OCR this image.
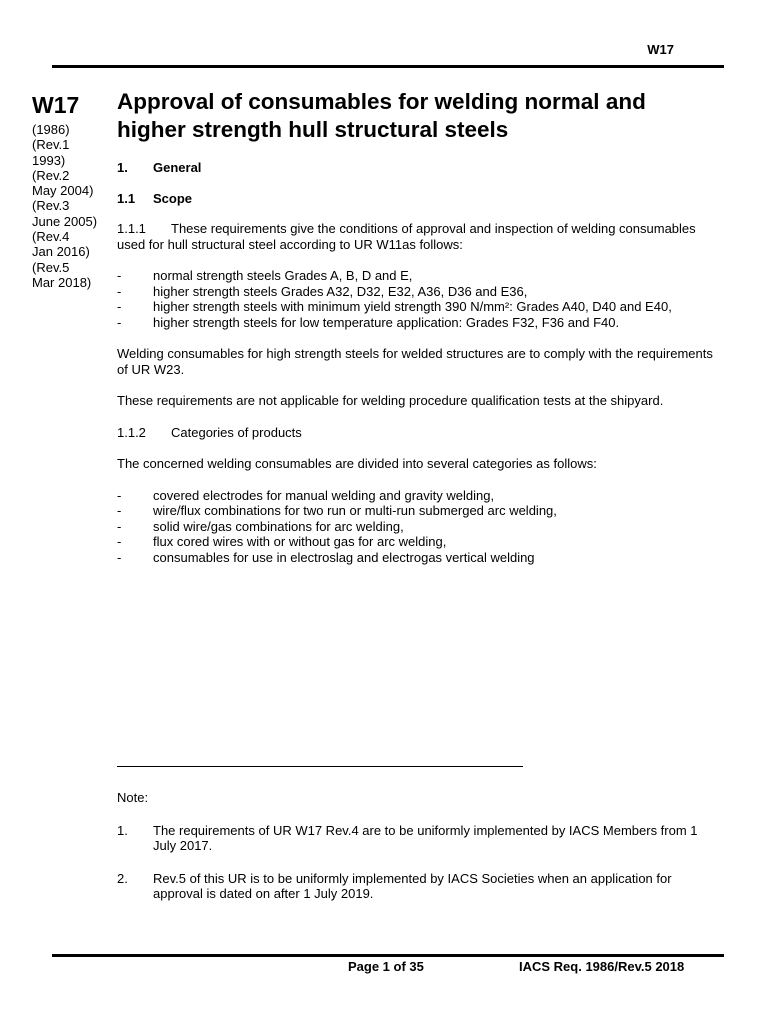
W17
W17
(1986)
(Rev.1
1993)
(Rev.2
May 2004)
(Rev.3
June 2005)
(Rev.4
Jan 2016)
(Rev.5
Mar 2018)
Approval of consumables for welding normal and higher strength hull structural steels
1. General
1.1 Scope

1.1.1 These requirements give the conditions of approval and inspection of welding consumables used for hull structural steel according to UR W11as follows:

- normal strength steels Grades A, B, D and E,
- higher strength steels Grades A32, D32, E32, A36, D36 and E36,
- higher strength steels with minimum yield strength 390 N/mm²: Grades A40, D40 and E40,
- higher strength steels for low temperature application: Grades F32, F36 and F40.

Welding consumables for high strength steels for welded structures are to comply with the requirements of UR W23.

These requirements are not applicable for welding procedure qualification tests at the shipyard.

1.1.2 Categories of products

The concerned welding consumables are divided into several categories as follows:

- covered electrodes for manual welding and gravity welding,
- wire/flux combinations for two run or multi-run submerged arc welding,
- solid wire/gas combinations for arc welding,
- flux cored wires with or without gas for arc welding,
- consumables for use in electroslag and electrogas vertical welding
Note:
1. The requirements of UR W17 Rev.4 are to be uniformly implemented by IACS Members from 1 July 2017.
2. Rev.5 of this UR is to be uniformly implemented by IACS Societies when an application for approval is dated on after 1 July 2019.
Page 1 of 35	IACS Req. 1986/Rev.5 2018
